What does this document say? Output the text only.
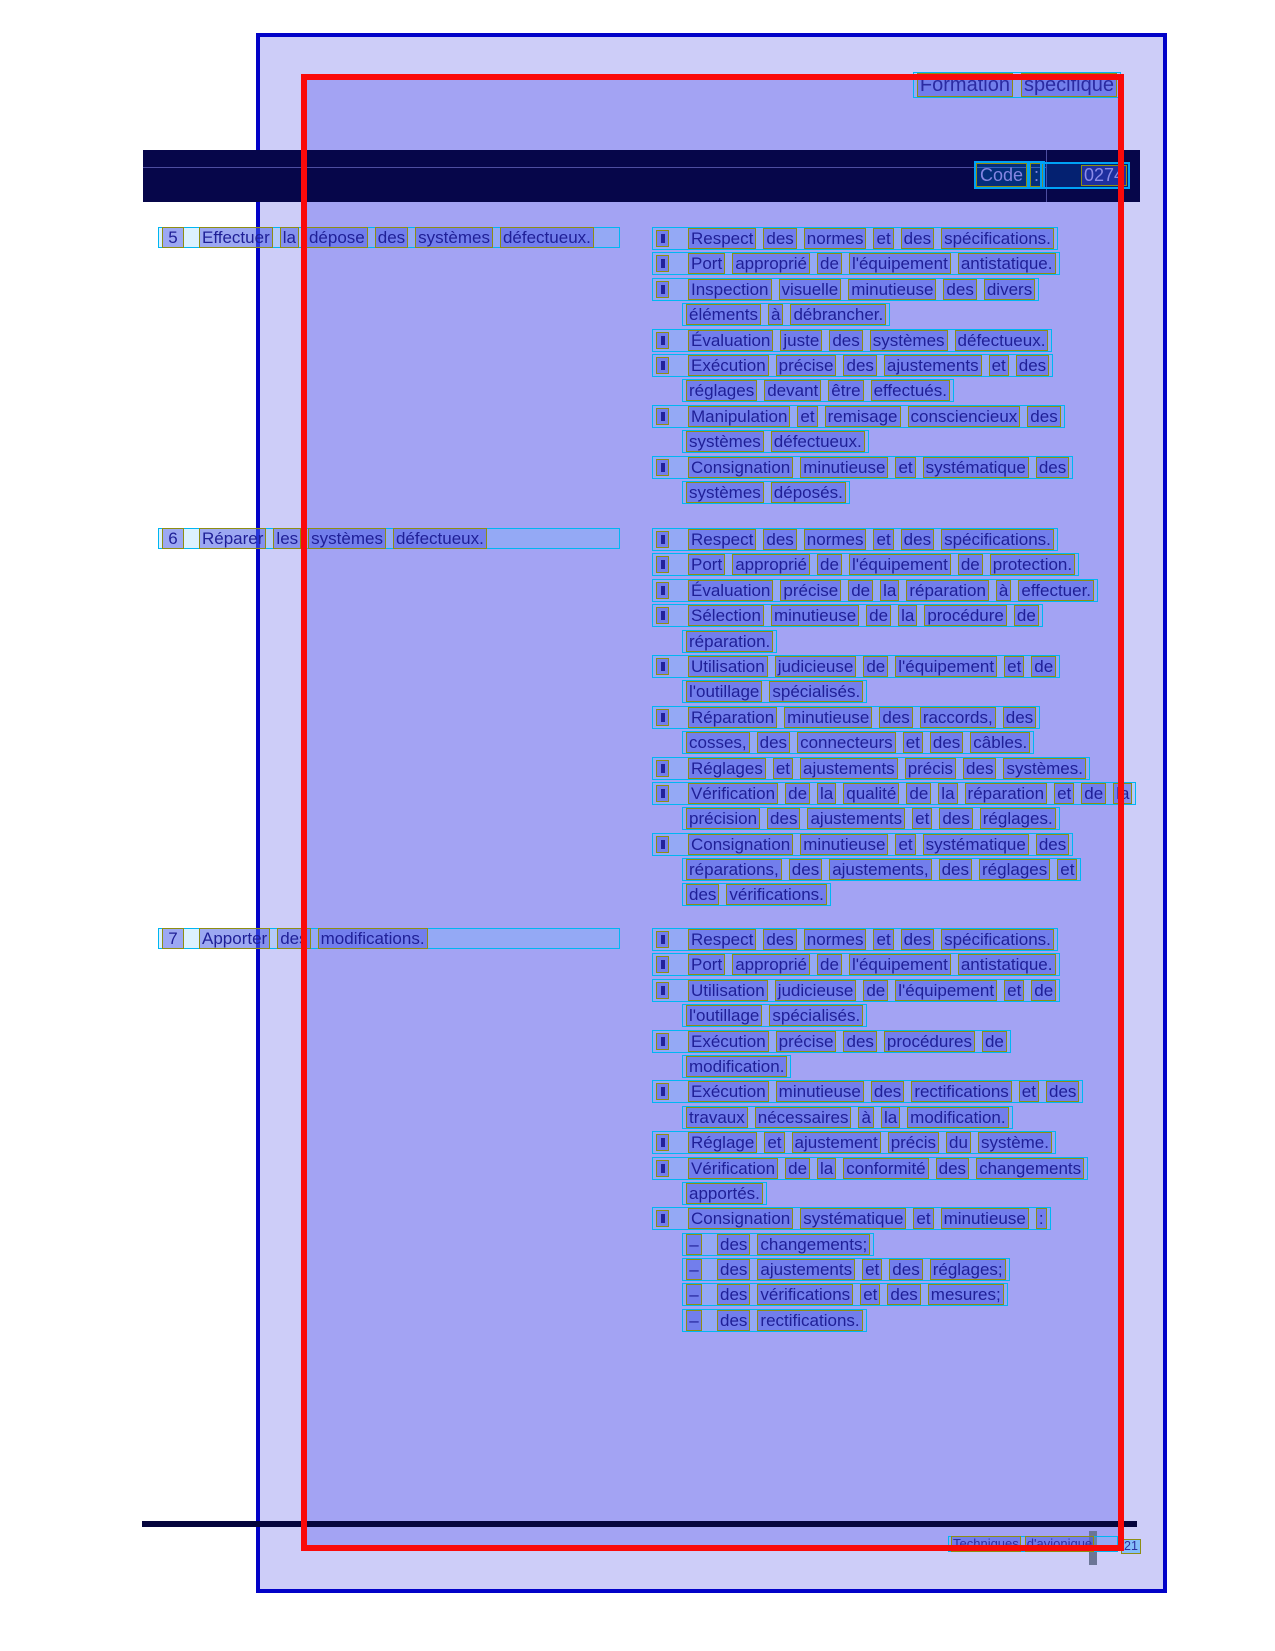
Code : 0274
Formation spécifique
5	Effectuer la dépose des systèmes défectueux.	Respect des normes et des spécifications.
Port approprié de l'équipement antistatique.
Inspection visuelle minutieuse des divers
éléments à débrancher.
Évaluation juste des systèmes défectueux.
Exécution précise des ajustements et des
réglages devant être effectués.
Manipulation et remisage consciencieux des
systèmes défectueux.
Consignation minutieuse et systématique des
systèmes déposés.
6	Réparer les systèmes défectueux.	Respect des normes et des spécifications.
Port approprié de l'équipement de protection.
Évaluation précise de la réparation à effectuer.
Sélection minutieuse de la procédure de
réparation.
Utilisation judicieuse de l'équipement et de
l'outillage spécialisés.
Réparation minutieuse des raccords, des
cosses, des connecteurs et des câbles.
Réglages et ajustements précis des systèmes.
Vérification de la qualité de la réparation et de la
précision des ajustements et des réglages.
Consignation minutieuse et systématique des
réparations, des ajustements, des réglages et
des vérifications.
7	Apporter des modifications.	Respect des normes et des spécifications.
Port approprié de l'équipement antistatique.
Utilisation judicieuse de l'équipement et de
l'outillage spécialisés.
Exécution précise des procédures de
modification.
Exécution minutieuse des rectifications et des
travaux nécessaires à la modification.
Réglage et ajustement précis du système.
Vérification de la conformité des changements
apportés.
Consignation systématique et minutieuse :
– des changements;
– des ajustements et des réglages;
– des vérifications et des mesures;
– des rectifications.
Techniques d'avionique	21
